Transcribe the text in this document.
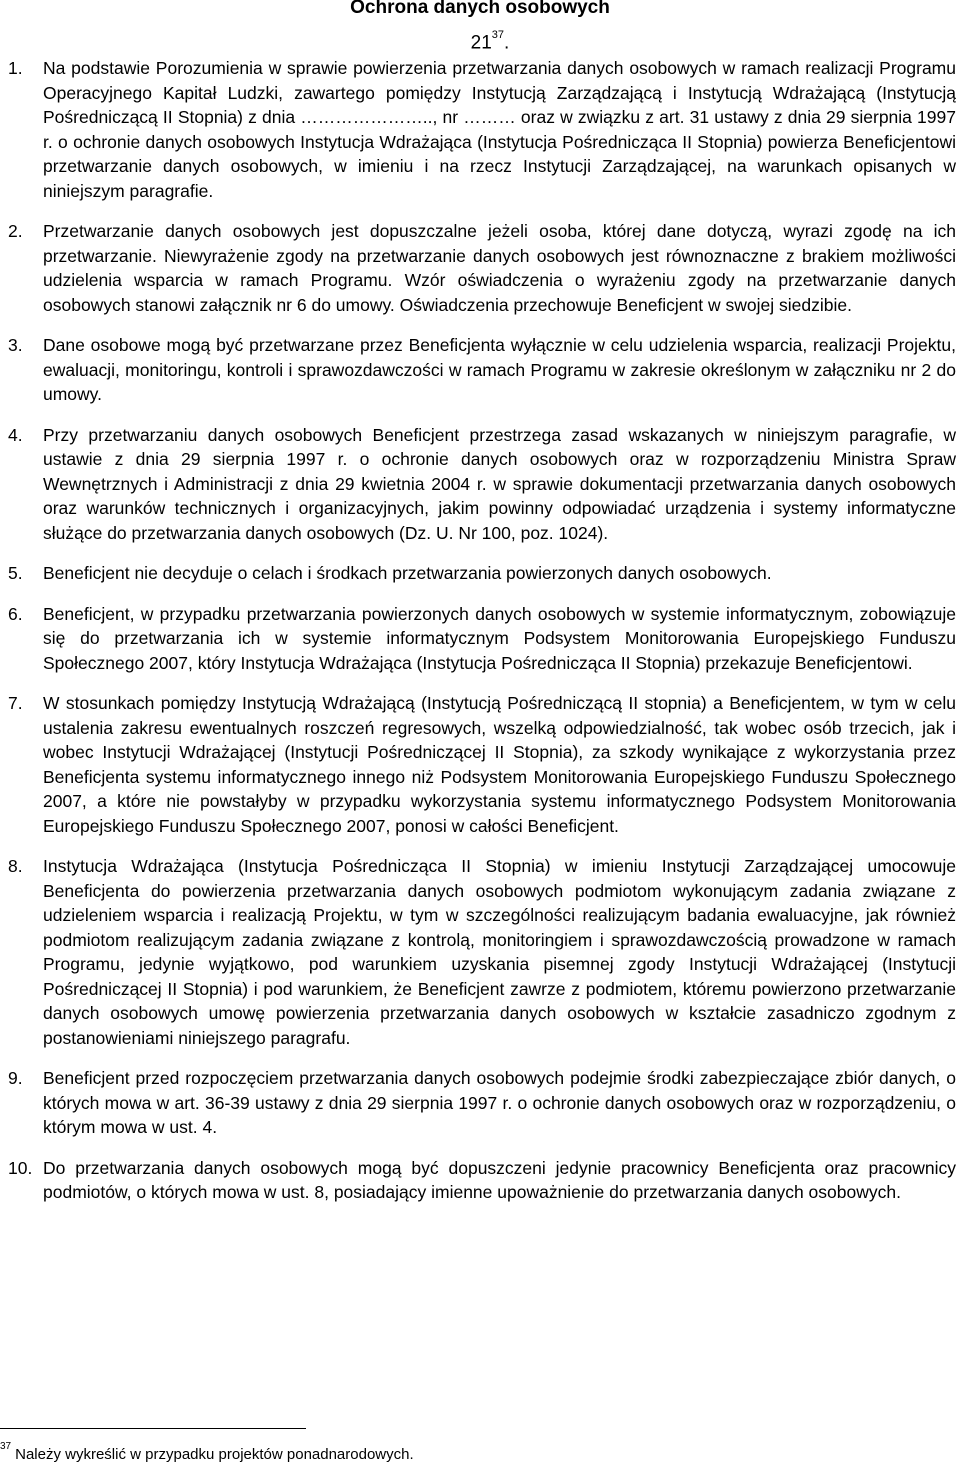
Ochrona danych osobowych
$21^{37}$.
1. Na podstawie Porozumienia w sprawie powierzenia przetwarzania danych osobowych w ramach realizacji Programu Operacyjnego Kapitał Ludzki, zawartego pomiędzy Instytucją Zarządzającą i Instytucją Wdrażającą (Instytucją Pośredniczącą II Stopnia) z dnia ………………….., nr ……… oraz w związku z art. 31 ustawy z dnia 29 sierpnia 1997 r. o ochronie danych osobowych Instytucja Wdrażająca (Instytucja Pośrednicząca II Stopnia) powierza Beneficjentowi przetwarzanie danych osobowych, w imieniu i na rzecz Instytucji Zarządzającej, na warunkach opisanych w niniejszym paragrafie.

2. Przetwarzanie danych osobowych jest dopuszczalne jeżeli osoba, której dane dotyczą, wyrazi zgodę na ich przetwarzanie. Niewyrażenie zgody na przetwarzanie danych osobowych jest równoznaczne z brakiem możliwości udzielenia wsparcia w ramach Programu. Wzór oświadczenia o wyrażeniu zgody na przetwarzanie danych osobowych stanowi załącznik nr 6 do umowy. Oświadczenia przechowuje Beneficjent w swojej siedzibie.

3. Dane osobowe mogą być przetwarzane przez Beneficjenta wyłącznie w celu udzielenia wsparcia, realizacji Projektu, ewaluacji, monitoringu, kontroli i sprawozdawczości w ramach Programu w zakresie określonym w załączniku nr 2 do umowy.

4. Przy przetwarzaniu danych osobowych Beneficjent przestrzega zasad wskazanych w niniejszym paragrafie, w ustawie z dnia 29 sierpnia 1997 r. o ochronie danych osobowych oraz w rozporządzeniu Ministra Spraw Wewnętrznych i Administracji z dnia 29 kwietnia 2004 r. w sprawie dokumentacji przetwarzania danych osobowych oraz warunków technicznych i organizacyjnych, jakim powinny odpowiadać urządzenia i systemy informatyczne służące do przetwarzania danych osobowych (Dz. U. Nr 100, poz. 1024).

5. Beneficjent nie decyduje o celach i środkach przetwarzania powierzonych danych osobowych.

6. Beneficjent, w przypadku przetwarzania powierzonych danych osobowych w systemie informatycznym, zobowiązuje się do przetwarzania ich w systemie informatycznym Podsystem Monitorowania Europejskiego Funduszu Społecznego 2007, który Instytucja Wdrażająca (Instytucja Pośrednicząca II Stopnia) przekazuje Beneficjentowi.

7. W stosunkach pomiędzy Instytucją Wdrażającą (Instytucją Pośredniczącą II stopnia) a Beneficjentem, w tym w celu ustalenia zakresu ewentualnych roszczeń regresowych, wszelką odpowiedzialność, tak wobec osób trzecich, jak i wobec Instytucji Wdrażającej (Instytucji Pośredniczącej II Stopnia), za szkody wynikające z wykorzystania przez Beneficjenta systemu informatycznego innego niż Podsystem Monitorowania Europejskiego Funduszu Społecznego 2007, a które nie powstałyby w przypadku wykorzystania systemu informatycznego Podsystem Monitorowania Europejskiego Funduszu Społecznego 2007, ponosi w całości Beneficjent.

8. Instytucja Wdrażająca (Instytucja Pośrednicząca II Stopnia) w imieniu Instytucji Zarządzającej umocowuje Beneficjenta do powierzenia przetwarzania danych osobowych podmiotom wykonującym zadania związane z udzieleniem wsparcia i realizacją Projektu, w tym w szczególności realizującym badania ewaluacyjne, jak również podmiotom realizującym zadania związane z kontrolą, monitoringiem i sprawozdawczością prowadzone w ramach Programu, jedynie wyjątkowo, pod warunkiem uzyskania pisemnej zgody Instytucji Wdrażającej (Instytucji Pośredniczącej II Stopnia) i pod warunkiem, że Beneficjent zawrze z podmiotem, któremu powierzono przetwarzanie danych osobowych umowę powierzenia przetwarzania danych osobowych w kształcie zasadniczo zgodnym z postanowieniami niniejszego paragrafu.

9. Beneficjent przed rozpoczęciem przetwarzania danych osobowych podejmie środki zabezpieczające zbiór danych, o których mowa w art. 36-39 ustawy z dnia 29 sierpnia 1997 r. o ochronie danych osobowych oraz w rozporządzeniu, o którym mowa w ust. 4.

10. Do przetwarzania danych osobowych mogą być dopuszczeni jedynie pracownicy Beneficjenta oraz pracownicy podmiotów, o których mowa w ust. 8, posiadający imienne upoważnienie do przetwarzania danych osobowych.

$^{37}$ Należy wykreślić w przypadku projektów ponadnarodowych.
